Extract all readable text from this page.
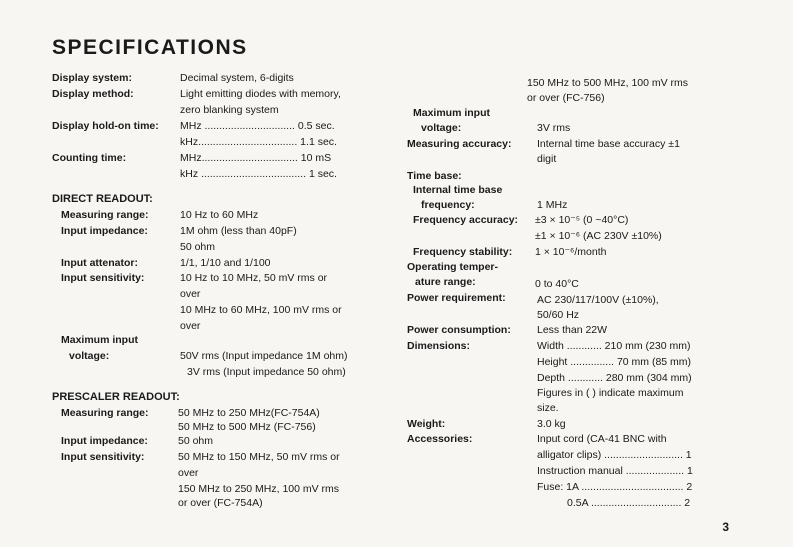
SPECIFICATIONS
Display system:	Decimal system, 6-digits
Display method:	Light emitting diodes with memory,
zero blanking system
Display hold-on time: MHz ............................... 0.5 sec.
kHz.................................. 1.1 sec.
Counting time:	MHz................................. 10 mS
kHz .................................... 1 sec.
DIRECT READOUT:
Measuring range:	10 Hz to 60 MHz
Input impedance:	1M ohm (less than 40pF)
50 ohm
Input attenator:	1/1, 1/10 and 1/100
Input sensitivity:	10 Hz to 10 MHz, 50 mV rms or
over
10 MHz to 60 MHz, 100 mV rms or
over
Maximum input
voltage:	50V rms (Input impedance 1M ohm)
3V rms (Input impedance 50 ohm)
PRESCALER READOUT:
Measuring range:	50 MHz to 250 MHz(FC-754A)
50 MHz to 500 MHz (FC-756)
Input impedance:	50 ohm
Input sensitivity:	50 MHz to 150 MHz, 50 mV rms or
over
150 MHz to 250 MHz, 100 mV rms
or over (FC-754A)
150 MHz to 500 MHz, 100 mV rms
or over (FC-756)
Maximum input
voltage:	3V rms
Measuring accuracy: Internal time base accuracy ±1
digit
Time base:
Internal time base
frequency:	1 MHz
Frequency accuracy: ±3 × 10⁻⁵ (0 ~40°C)
±1 × 10⁻⁶ (AC 230V ±10%)
Frequency stability: 1 × 10⁻⁶/month
Operating temper-
ature range:	0 to 40°C
Power requirement:	AC 230/117/100V (±10%),
50/60 Hz
Power consumption: Less than 22W
Dimensions:	Width ............ 210 mm (230 mm)
Height ............... 70 mm (85 mm)
Depth ............ 280 mm (304 mm)
Figures in ( ) indicate maximum
size.
Weight:	3.0 kg
Accessories:	Input cord (CA-41 BNC with
alligator clips) ........................... 1
Instruction manual .................... 1
Fuse: 1A ................................... 2
0.5A ............................... 2
3
